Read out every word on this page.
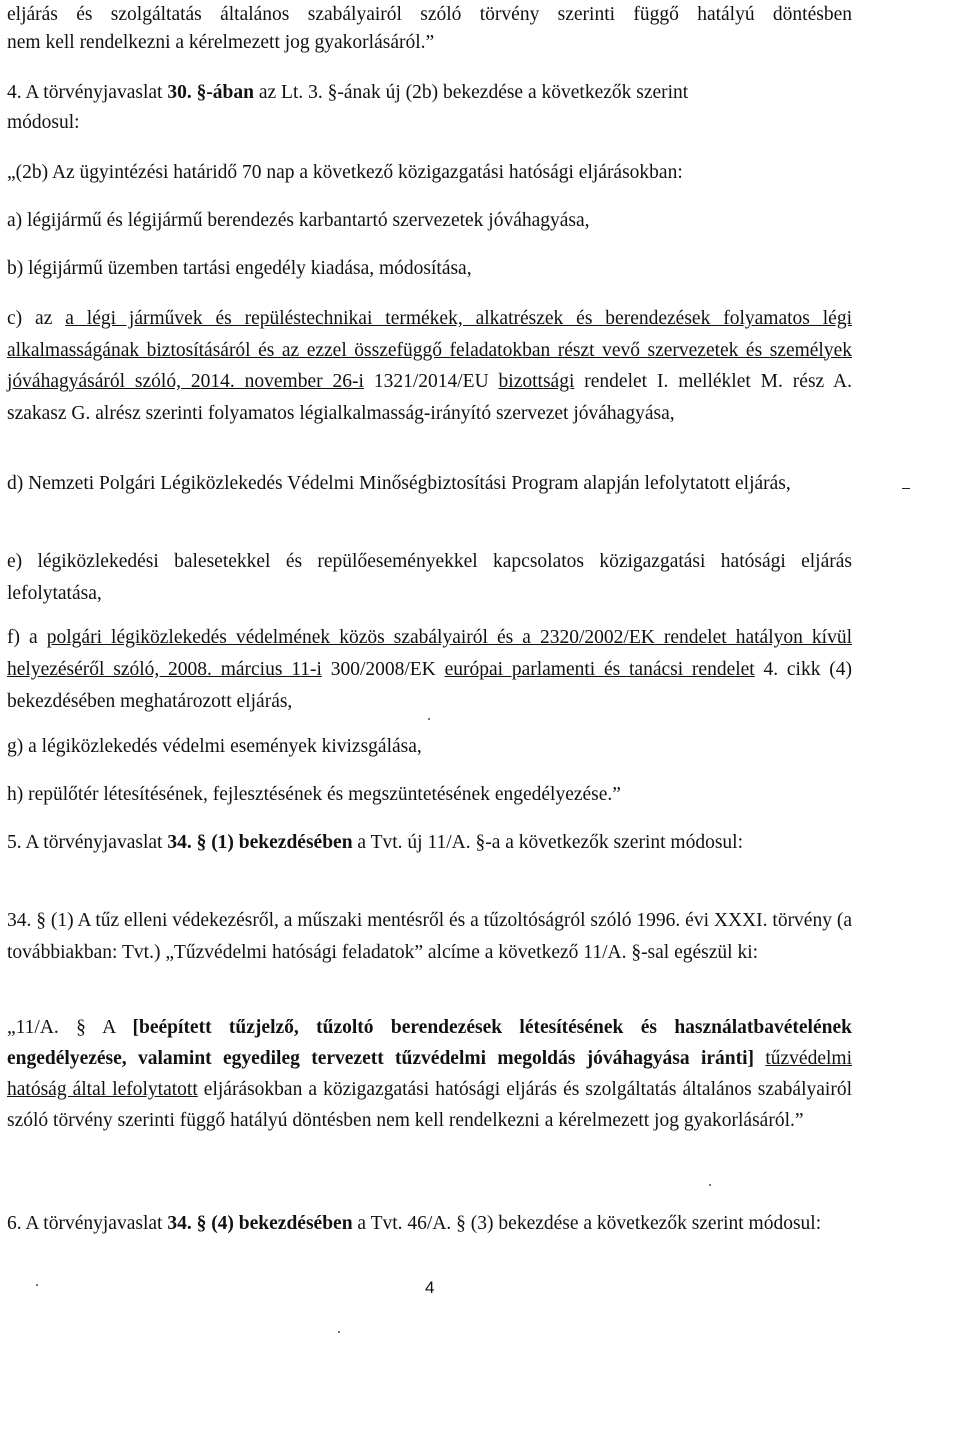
eljárás és szolgáltatás általános szabályairól szóló törvény szerinti függő hatályú döntésben

nem kell rendelkezni a kérelmezett jog gyakorlásáról.”

4. A törvényjavaslat 30. §-ában az Lt. 3. §-ának új (2b) bekezdése a következők szerint
módosul:

„(2b) Az ügyintézési határidő 70 nap a következő közigazgatási hatósági eljárásokban:

a) légijármű és légijármű berendezés karbantartó szervezetek jóváhagyása,

b) légijármű üzemben tartási engedély kiadása, módosítása,

c) az a légi járművek és repüléstechnikai termékek, alkatrészek és berendezések folyamatos légi alkalmasságának biztosításáról és az ezzel összefüggő feladatokban részt vevő szervezetek és személyek jóváhagyásáról szóló, 2014. november 26-i 1321/2014/EU bizottsági rendelet I. melléklet M. rész A. szakasz G. alrész szerinti folyamatos légialkalmasság-irányító szervezet jóváhagyása,

d) Nemzeti Polgári Légiközlekedés Védelmi Minőségbiztosítási Program alapján lefolytatott eljárás,

e) légiközlekedési balesetekkel és repülőeseményekkel kapcsolatos közigazgatási hatósági eljárás lefolytatása,

f) a polgári légiközlekedés védelmének közös szabályairól és a 2320/2002/EK rendelet hatályon kívül helyezéséről szóló, 2008. március 11-i 300/2008/EK európai parlamenti és tanácsi rendelet 4. cikk (4) bekezdésében meghatározott eljárás,

g) a légiközlekedés védelmi események kivizsgálása,

h) repülőtér létesítésének, fejlesztésének és megszüntetésének engedélyezése.”

5. A törvényjavaslat 34. § (1) bekezdésében a Tvt. új 11/A. §-a a következők szerint módosul:

34. § (1) A tűz elleni védekezésről, a műszaki mentésről és a tűzoltóságról szóló 1996. évi XXXI. törvény (a továbbiakban: Tvt.) „Tűzvédelmi hatósági feladatok” alcíme a következő 11/A. §-sal egészül ki:

„11/A. § A [beépített tűzjelző, tűzoltó berendezések létesítésének és használatbavételének engedélyezése, valamint egyedileg tervezett tűzvédelmi megoldás jóváhagyása iránti] tűzvédelmi hatóság által lefolytatott eljárásokban a közigazgatási hatósági eljárás és szolgáltatás általános szabályairól szóló törvény szerinti függő hatályú döntésben nem kell rendelkezni a kérelmezett jog gyakorlásáról.”

6. A törvényjavaslat 34. § (4) bekezdésében a Tvt. 46/A. § (3) bekezdése a következők szerint módosul:

4
